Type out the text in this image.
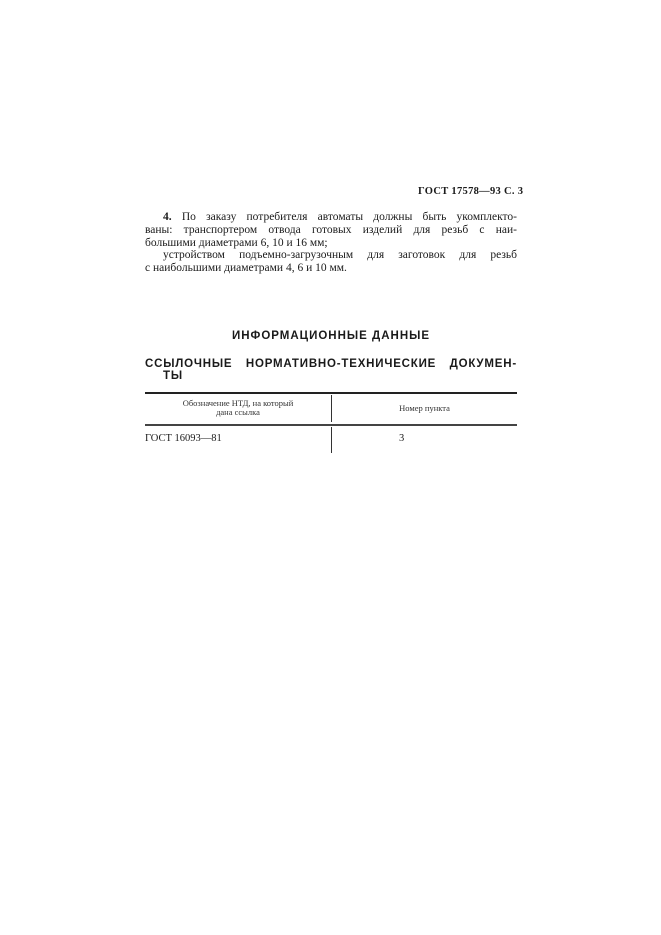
ГОСТ 17578—93 С. 3

4. По заказу потребителя автоматы должны быть укомплекто-

ваны: транспортером отвода готовых изделий для резьб с наи-

большими диаметрами 6, 10 и 16 мм;

устройством подъемно-загрузочным для заготовок для резьб

с наибольшими диаметрами 4, 6 и 10 мм.

ИНФОРМАЦИОННЫЕ ДАННЫЕ
ССЫЛОЧНЫЕ НОРМАТИВНО-ТЕХНИЧЕСКИЕ ДОКУМЕН-
ТЫ
Обозначение НТД, на который
дана ссылка	Номер пункта
ГОСТ 16093—81	3
